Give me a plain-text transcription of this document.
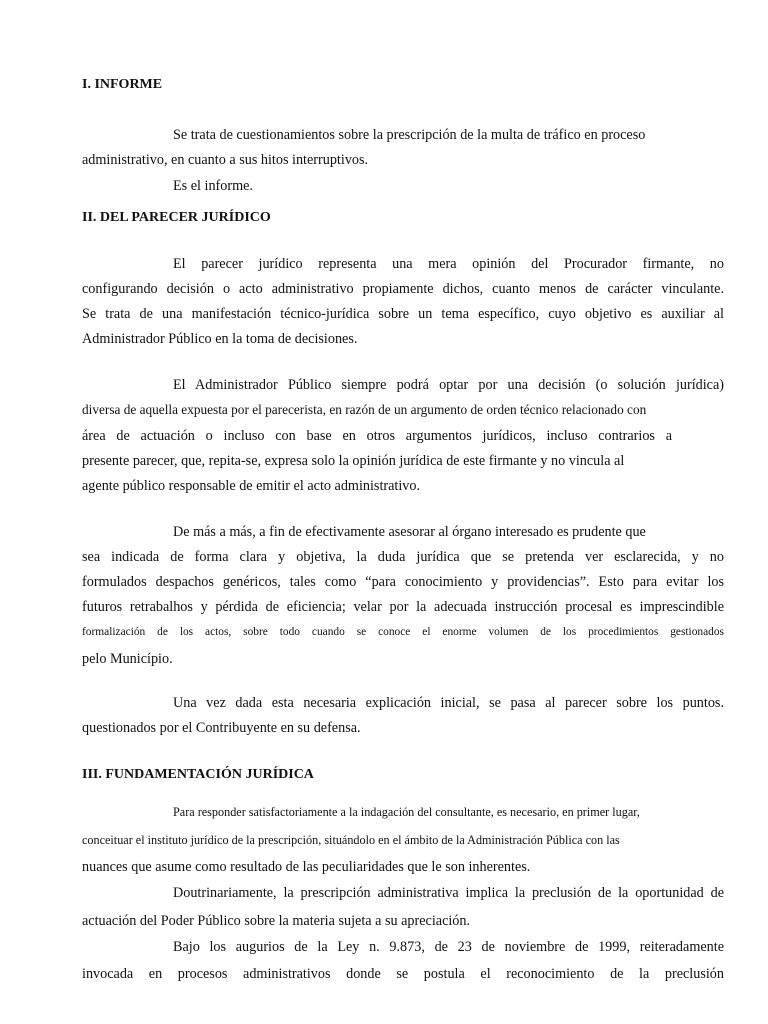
I. INFORME
Se trata de cuestionamientos sobre la prescripción de la multa de tráfico en proceso
administrativo, en cuanto a sus hitos interruptivos.
Es el informe.
II. DEL PARECER JURÍDICO
El parecer jurídico representa una mera opinión del Procurador firmante, no
configurando decisión o acto administrativo propiamente dichos, cuanto menos de carácter vinculante.
Se trata de una manifestación técnico-jurídica sobre un tema específico, cuyo objetivo es auxiliar al
Administrador Público en la toma de decisiones.
El Administrador Público siempre podrá optar por una decisión (o solución jurídica)
diversa de aquella expuesta por el parecerista, en razón de un argumento de orden técnico relacionado con
área de actuación o incluso con base en otros argumentos jurídicos, incluso contrarios a
presente parecer, que, repita-se, expresa solo la opinión jurídica de este firmante y no vincula al
agente público responsable de emitir el acto administrativo.
De más a más, a fin de efectivamente asesorar al órgano interesado es prudente que
sea indicada de forma clara y objetiva, la duda jurídica que se pretenda ver esclarecida, y no
formulados despachos genéricos, tales como “para conocimiento y providencias”. Esto para evitar los
futuros retrabalhos y pérdida de eficiencia; velar por la adecuada instrucción procesal es imprescindible
formalización de los actos, sobre todo cuando se conoce el enorme volumen de los procedimientos gestionados
pelo Município.
Una vez dada esta necesaria explicación inicial, se pasa al parecer sobre los puntos.
questionados por el Contribuyente en su defensa.
III. FUNDAMENTACIÓN JURÍDICA
Para responder satisfactoriamente a la indagación del consultante, es necesario, en primer lugar,
conceituar el instituto jurídico de la prescripción, situándolo en el ámbito de la Administración Pública con las
nuances que asume como resultado de las peculiaridades que le son inherentes.
Doutrinariamente, la prescripción administrativa implica la preclusión de la oportunidad de
actuación del Poder Público sobre la materia sujeta a su apreciación.
Bajo los augurios de la Ley n. 9.873, de 23 de noviembre de 1999, reiteradamente
invocada en procesos administrativos donde se postula el reconocimiento de la preclusión
